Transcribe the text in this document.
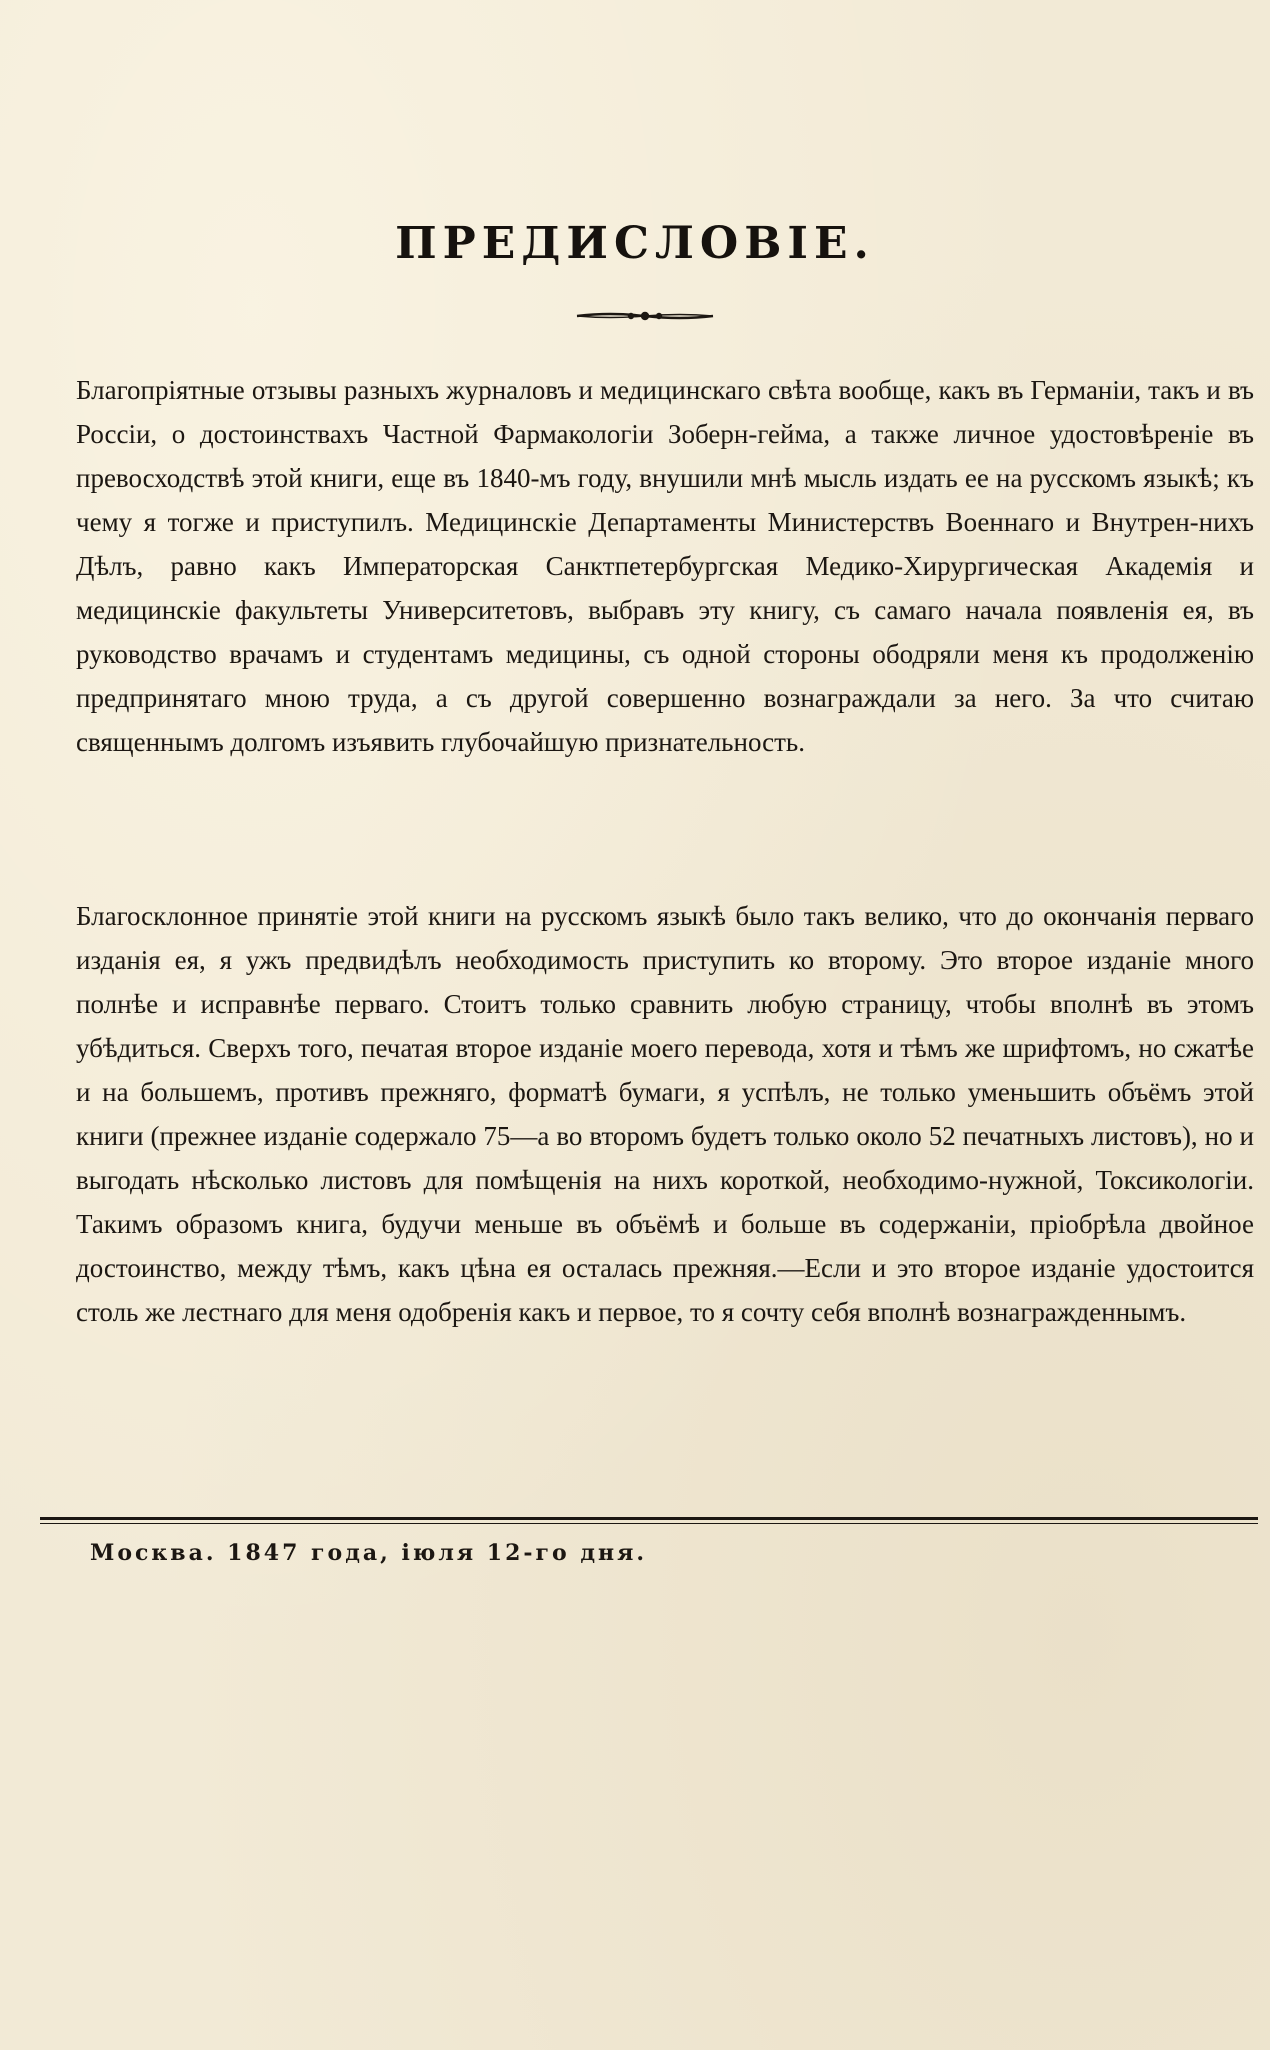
ПРЕДИСЛОВІЕ.

Благопріятные отзывы разныхъ журналовъ и медицинскаго свѣта вообще, какъ въ Германіи, такъ и въ Россіи, о достоинствахъ Частной Фармакологіи Зоберн-гейма, а также личное удостовѣреніе въ превосходствѣ этой книги, еще въ 1840-мъ году, внушили мнѣ мысль издать ее на русскомъ языкѣ; къ чему я тогже и приступилъ. Медицинскіе Департаменты Министерствъ Военнаго и Внутрен-нихъ Дѣлъ, равно какъ Императорская Санктпетербургская Медико-Хирургическая Академія и медицинскіе факультеты Университетовъ, выбравъ эту книгу, съ самаго начала появленія ея, въ руководство врачамъ и студентамъ медицины, съ одной стороны ободряли меня къ продолженію предпринятаго мною труда, а съ другой совершенно вознаграждали за него. За что считаю священнымъ долгомъ изъявить глубочайшую признательность.

Благосклонное принятіе этой книги на русскомъ языкѣ было такъ велико, что до окончанія перваго изданія ея, я ужъ предвидѣлъ необходимость приступить ко второму. Это второе изданіе много полнѣе и исправнѣе перваго. Стоитъ только сравнить любую страницу, чтобы вполнѣ въ этомъ убѣдиться. Сверхъ того, печатая второе изданіе моего перевода, хотя и тѣмъ же шрифтомъ, но сжатѣе и на большемъ, противъ прежняго, форматѣ бумаги, я успѣлъ, не только уменьшить объёмъ этой книги (прежнее изданіе содержало 75—а во второмъ будетъ только около 52 печатныхъ листовъ), но и выгодать нѣсколько листовъ для помѣщенія на нихъ короткой, необходимо-нужной, Токсикологіи. Такимъ образомъ книга, будучи меньше въ объёмѣ и больше въ содержаніи, пріобрѣла двойное достоинство, между тѣмъ, какъ цѣна ея осталась прежняя.—Если и это второе изданіе удостоится столь же лестнаго для меня одобренія какъ и первое, то я сочту себя вполнѣ вознагражденнымъ.

Москва. 1847 года, іюля 12-го дня.
